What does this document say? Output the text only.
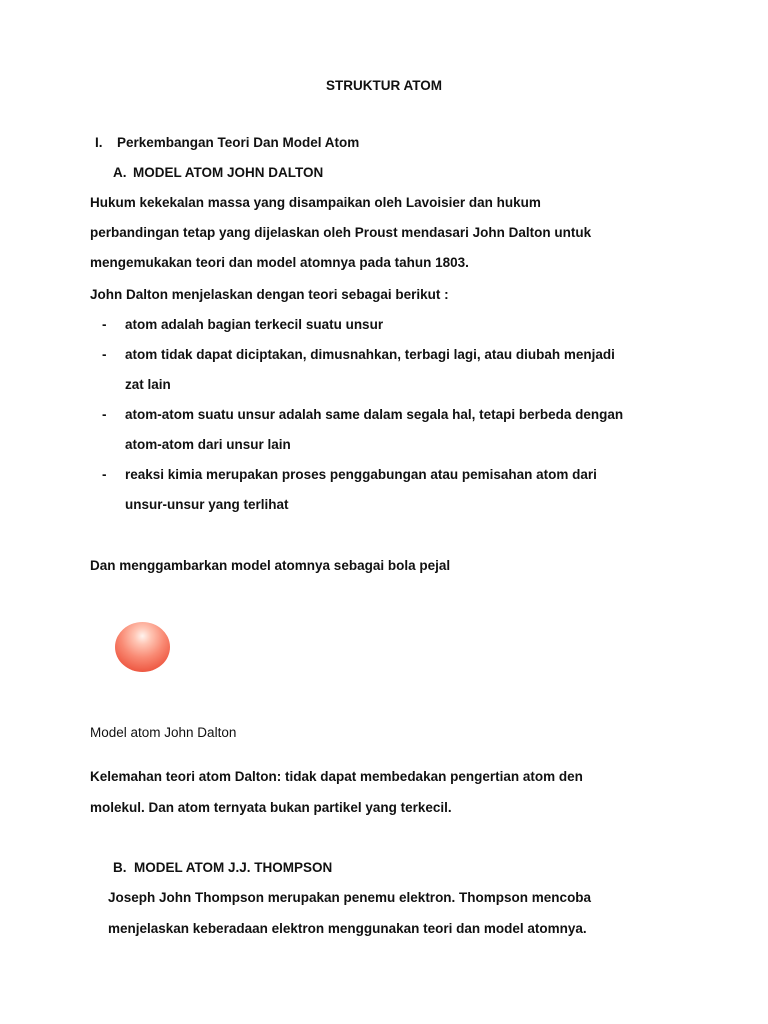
STRUKTUR ATOM
I. Perkembangan Teori Dan Model Atom
A. MODEL ATOM JOHN DALTON
Hukum kekekalan massa yang disampaikan oleh Lavoisier dan hukum
perbandingan tetap yang dijelaskan oleh Proust mendasari John Dalton untuk
mengemukakan teori dan model atomnya pada tahun 1803.
John Dalton menjelaskan dengan teori sebagai berikut :
- atom adalah bagian terkecil suatu unsur
- atom tidak dapat diciptakan, dimusnahkan, terbagi lagi, atau diubah menjadi
zat lain
- atom-atom suatu unsur adalah same dalam segala hal, tetapi berbeda dengan
atom-atom dari unsur lain
- reaksi kimia merupakan proses penggabungan atau pemisahan atom dari
unsur-unsur yang terlihat
Dan menggambarkan model atomnya sebagai bola pejal
Model atom John Dalton
Kelemahan teori atom Dalton: tidak dapat membedakan pengertian atom den
molekul. Dan atom ternyata bukan partikel yang terkecil.
B. MODEL ATOM J.J. THOMPSON
Joseph John Thompson merupakan penemu elektron. Thompson mencoba
menjelaskan keberadaan elektron menggunakan teori dan model atomnya.
